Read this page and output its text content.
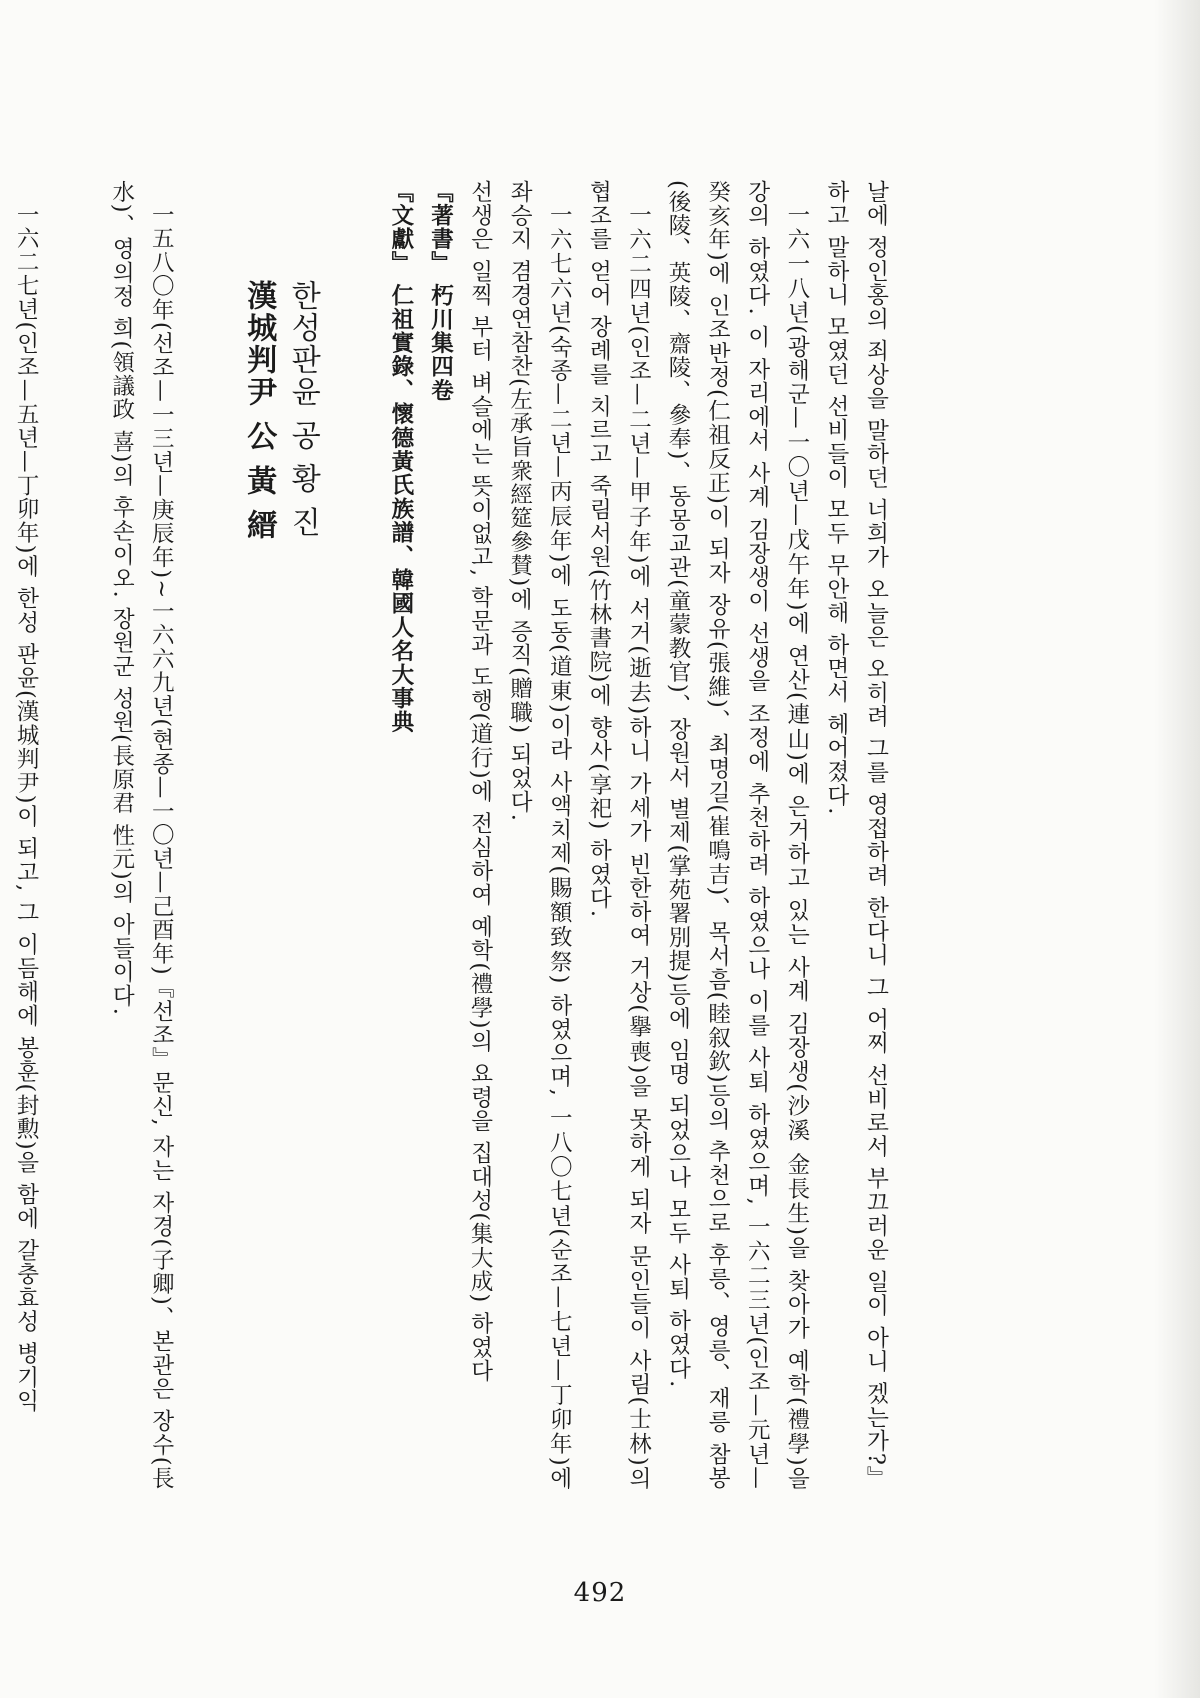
날에 정인홍의 죄상을 말하던 너희가 오늘은 오히려 그를 영접하려 한다니 그 어찌 선비로서 부끄러운 일이 아니 겠는가?』하고 말하니 모였던 선비들이 모두 무안해 하면서 헤어졌다.

一六一八년(광해군—一〇년—戊午年)에 연산(連山)에 은거하고 있는 사계 김장생(沙溪 金長生)을 찾아가 예학(禮學)을 강의 하였다. 이 자리에서 사계 김장생이 선생을 조정에 추천하려 하였으나 이를 사퇴 하였으며, 一六二三년(인조—元년—癸亥年)에 인조반정(仁祖反正)이 되자 장유(張維)、최명길(崔鳴吉)、목서흠(睦叙欽)등의 추천으로 후릉、영릉、재릉 참봉(後陵、英陵、齋陵、參奉)、동몽교관(童蒙教官)、장원서 별제(掌苑署別提)등에 임명 되었으나 모두 사퇴 하였다.

一六二四년(인조—二년—甲子年)에 서거(逝去)하니 가세가 빈한하여 거상(擧喪)을 못하게 되자 문인들이 사림(士林)의 협조를 얻어 장례를 치르고 죽림서원(竹林書院)에 향사(享祀) 하였다.

一六七六년(숙종—二년—丙辰年)에 도동(道東)이라 사액치제(賜額致祭) 하였으며, 一八〇七년(순조—七년—丁卯年)에 좌승지 겸경연참찬(左承旨衆經筵參賛)에 증직(贈職) 되었다.

선생은 일찍 부터 벼슬에는 뜻이없고, 학문과 도행(道行)에 전심하여 예학(禮學)의 요령을 집대성(集大成) 하였다

『著書』 朽川集四卷

『文獻』 仁祖實錄、懷德黃氏族譜、韓國人名大事典

한성판윤 공 황 진
漢城判尹 公 黃 縉

一五八〇年(선조—一三년—庚辰年)~一六六九년(현종—一〇년—己酉年)『선조』문신, 자는 자경(子卿)、본관은 장수(長水)、영의정 희(領議政 喜)의 후손이오. 장원군 성원(長原君 性元)의 아들이다.

一六二七년(인조—五년—丁卯年)에 한성 판윤(漢城判尹)이 되고, 그 이듬해에 봉훈(封勲)을 함에 갈충효성 병기익

492
